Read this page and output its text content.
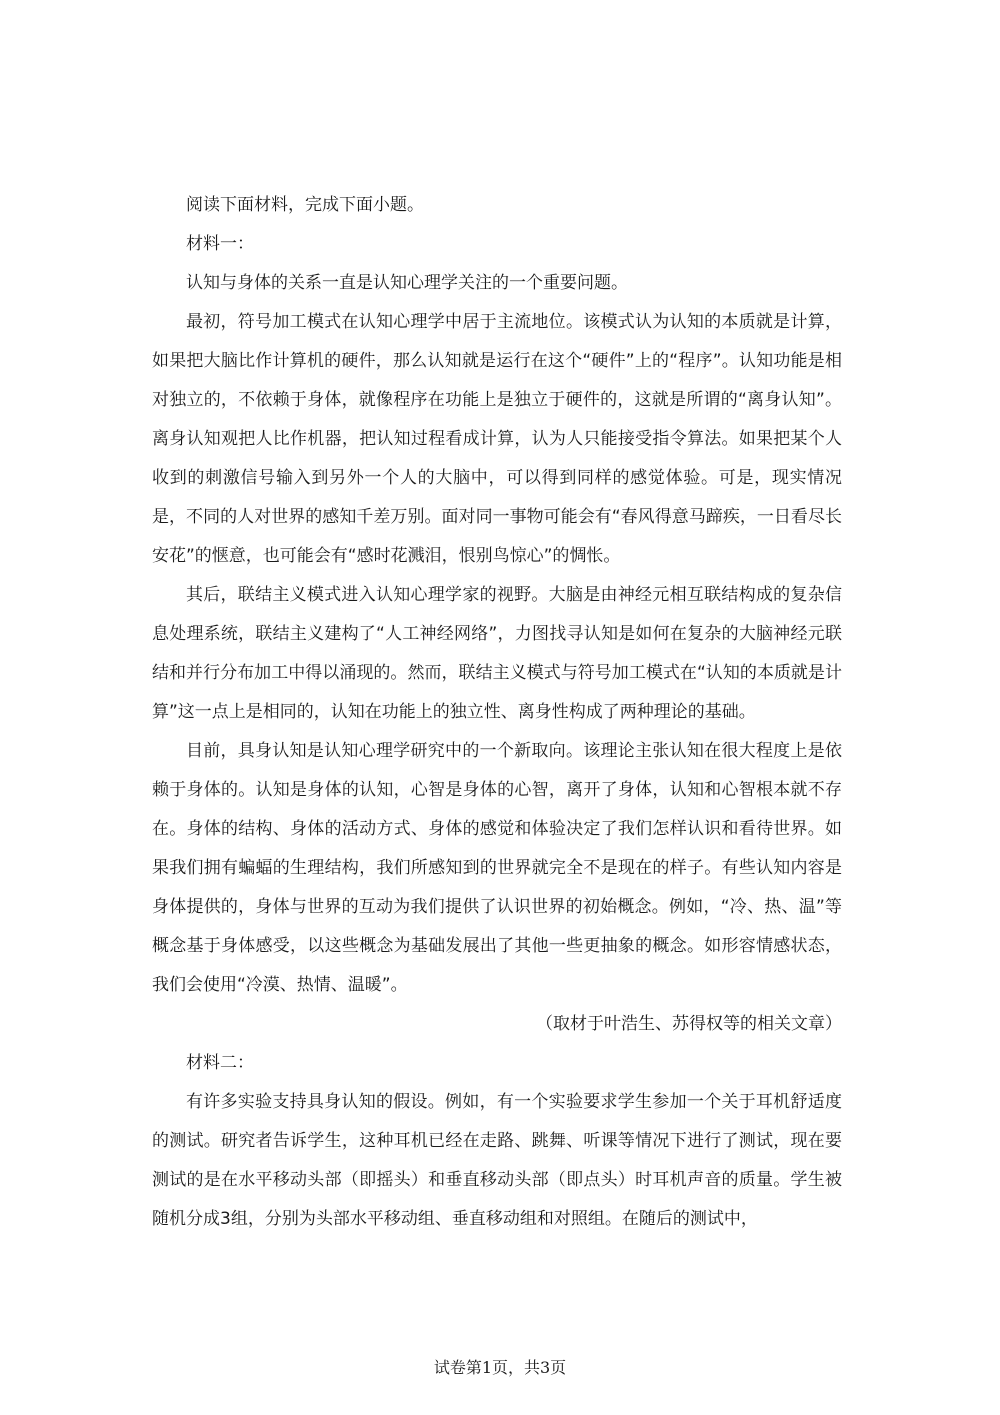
阅读下面材料，完成下面小题。

材料一：

认知与身体的关系一直是认知心理学关注的一个重要问题。

最初，符号加工模式在认知心理学中居于主流地位。该模式认为认知的本质就是计算，如果把大脑比作计算机的硬件，那么认知就是运行在这个“硬件”上的“程序”。认知功能是相对独立的，不依赖于身体，就像程序在功能上是独立于硬件的，这就是所谓的“离身认知”。离身认知观把人比作机器，把认知过程看成计算，认为人只能接受指令算法。如果把某个人收到的刺激信号输入到另外一个人的大脑中，可以得到同样的感觉体验。可是，现实情况是，不同的人对世界的感知千差万别。面对同一事物可能会有“春风得意马蹄疾，一日看尽长安花”的惬意，也可能会有“感时花溅泪，恨别鸟惊心”的惆怅。

其后，联结主义模式进入认知心理学家的视野。大脑是由神经元相互联结构成的复杂信息处理系统，联结主义建构了“人工神经网络”，力图找寻认知是如何在复杂的大脑神经元联结和并行分布加工中得以涌现的。然而，联结主义模式与符号加工模式在“认知的本质就是计算”这一点上是相同的，认知在功能上的独立性、离身性构成了两种理论的基础。

目前，具身认知是认知心理学研究中的一个新取向。该理论主张认知在很大程度上是依赖于身体的。认知是身体的认知，心智是身体的心智，离开了身体，认知和心智根本就不存在。身体的结构、身体的活动方式、身体的感觉和体验决定了我们怎样认识和看待世界。如果我们拥有蝙蝠的生理结构，我们所感知到的世界就完全不是现在的样子。有些认知内容是身体提供的，身体与世界的互动为我们提供了认识世界的初始概念。例如，“冷、热、温”等概念基于身体感受，以这些概念为基础发展出了其他一些更抽象的概念。如形容情感状态，我们会使用“冷漠、热情、温暖”。

（取材于叶浩生、苏得权等的相关文章）

材料二：

有许多实验支持具身认知的假设。例如，有一个实验要求学生参加一个关于耳机舒适度的测试。研究者告诉学生，这种耳机已经在走路、跳舞、听课等情况下进行了测试，现在要测试的是在水平移动头部（即摇头）和垂直移动头部（即点头）时耳机声音的质量。学生被随机分成3组，分别为头部水平移动组、垂直移动组和对照组。在随后的测试中，

试卷第1页，共3页
